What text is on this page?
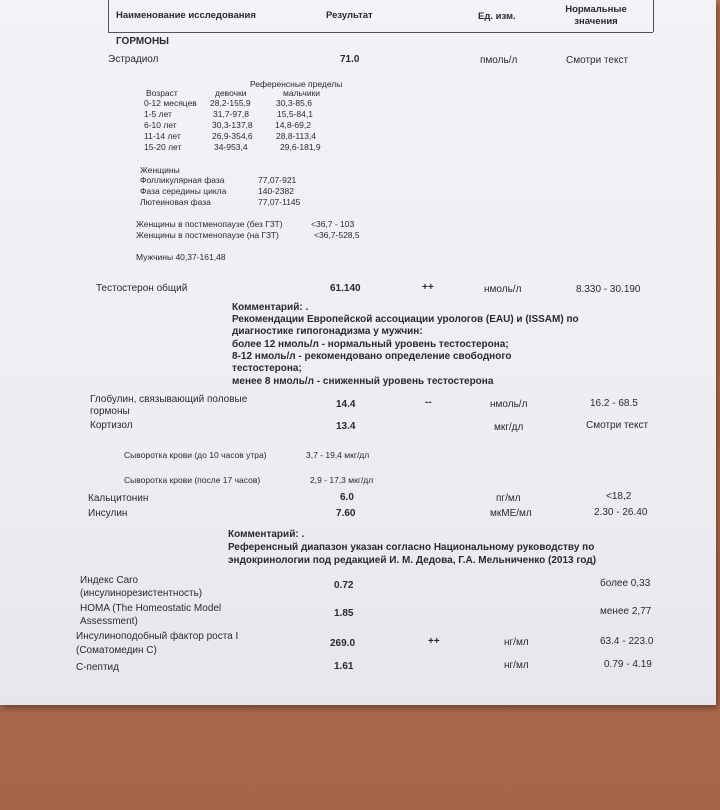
Наименование исследования	Результат	Ед. изм.
Нормальные
значения
ГОРМОНЫ
Эстрадиол	71.0	пмоль/л	Смотри текст
Референсные пределы
Возраст	девочки	мальчики
0-12 месяцев 28,2-155,9	30,3-85,6
1-5 лет	31,7-97,8	15,5-84,1
6-10 лет	30,3-137,8	14,8-69,2
11-14 лет	26,9-354,6	28,8-113,4
15-20 лет	34-953,4	29,6-181,9
Женщины
Фолликулярная фаза	77,07-921
Фаза середины цикла	140-2382
Лютеиновая фаза	77,07-1145
Женщины в постменопаузе (без ГЗТ)	<36,7 - 103
Женщины в постменопаузе (на ГЗТ)	<36,7-528,5
Мужчины 40,37-161,48
Тестостерон общий	61.140	++	нмоль/л	8.330 - 30.190
Комментарий: .
Рекомендации Европейской ассоциации урологов (EAU) и (ISSAM) по
диагностике гипогонадизма у мужчин:
более 12 нмоль/л - нормальный уровень тестостерона;
8-12 нмоль/л - рекомендовано определение свободного
тестостерона;
менее 8 нмоль/л - сниженный уровень тестостерона
Глобулин, связывающий половые
гормоны
14.4	--	нмоль/л	16.2 - 68.5
Кортизол	13.4	мкг/дл	Смотри текст
Сыворотка крови (до 10 часов утра)	3,7 - 19,4 мкг/дл
Сыворотка крови (после 17 часов)	2,9 - 17,3 мкг/дл
Кальцитонин	6.0	пг/мл	<18,2
Инсулин	7.60	мкМЕ/мл	2.30 - 26.40
Комментарий: .
Референсный диапазон указан согласно Национальному руководству по
эндокринологии под редакцией И. М. Дедова, Г.А. Мельниченко (2013 год)
Индекс Caro
(инсулинорезистентность)
0.72	более 0,33
HOMA (The Homeostatic Model
Assessment)
1.85	менее 2,77
Инсулиноподобный фактор роста I
(Соматомедин C)
269.0	++	нг/мл	63.4 - 223.0
С-пептид	1.61	нг/мл	0.79 - 4.19
